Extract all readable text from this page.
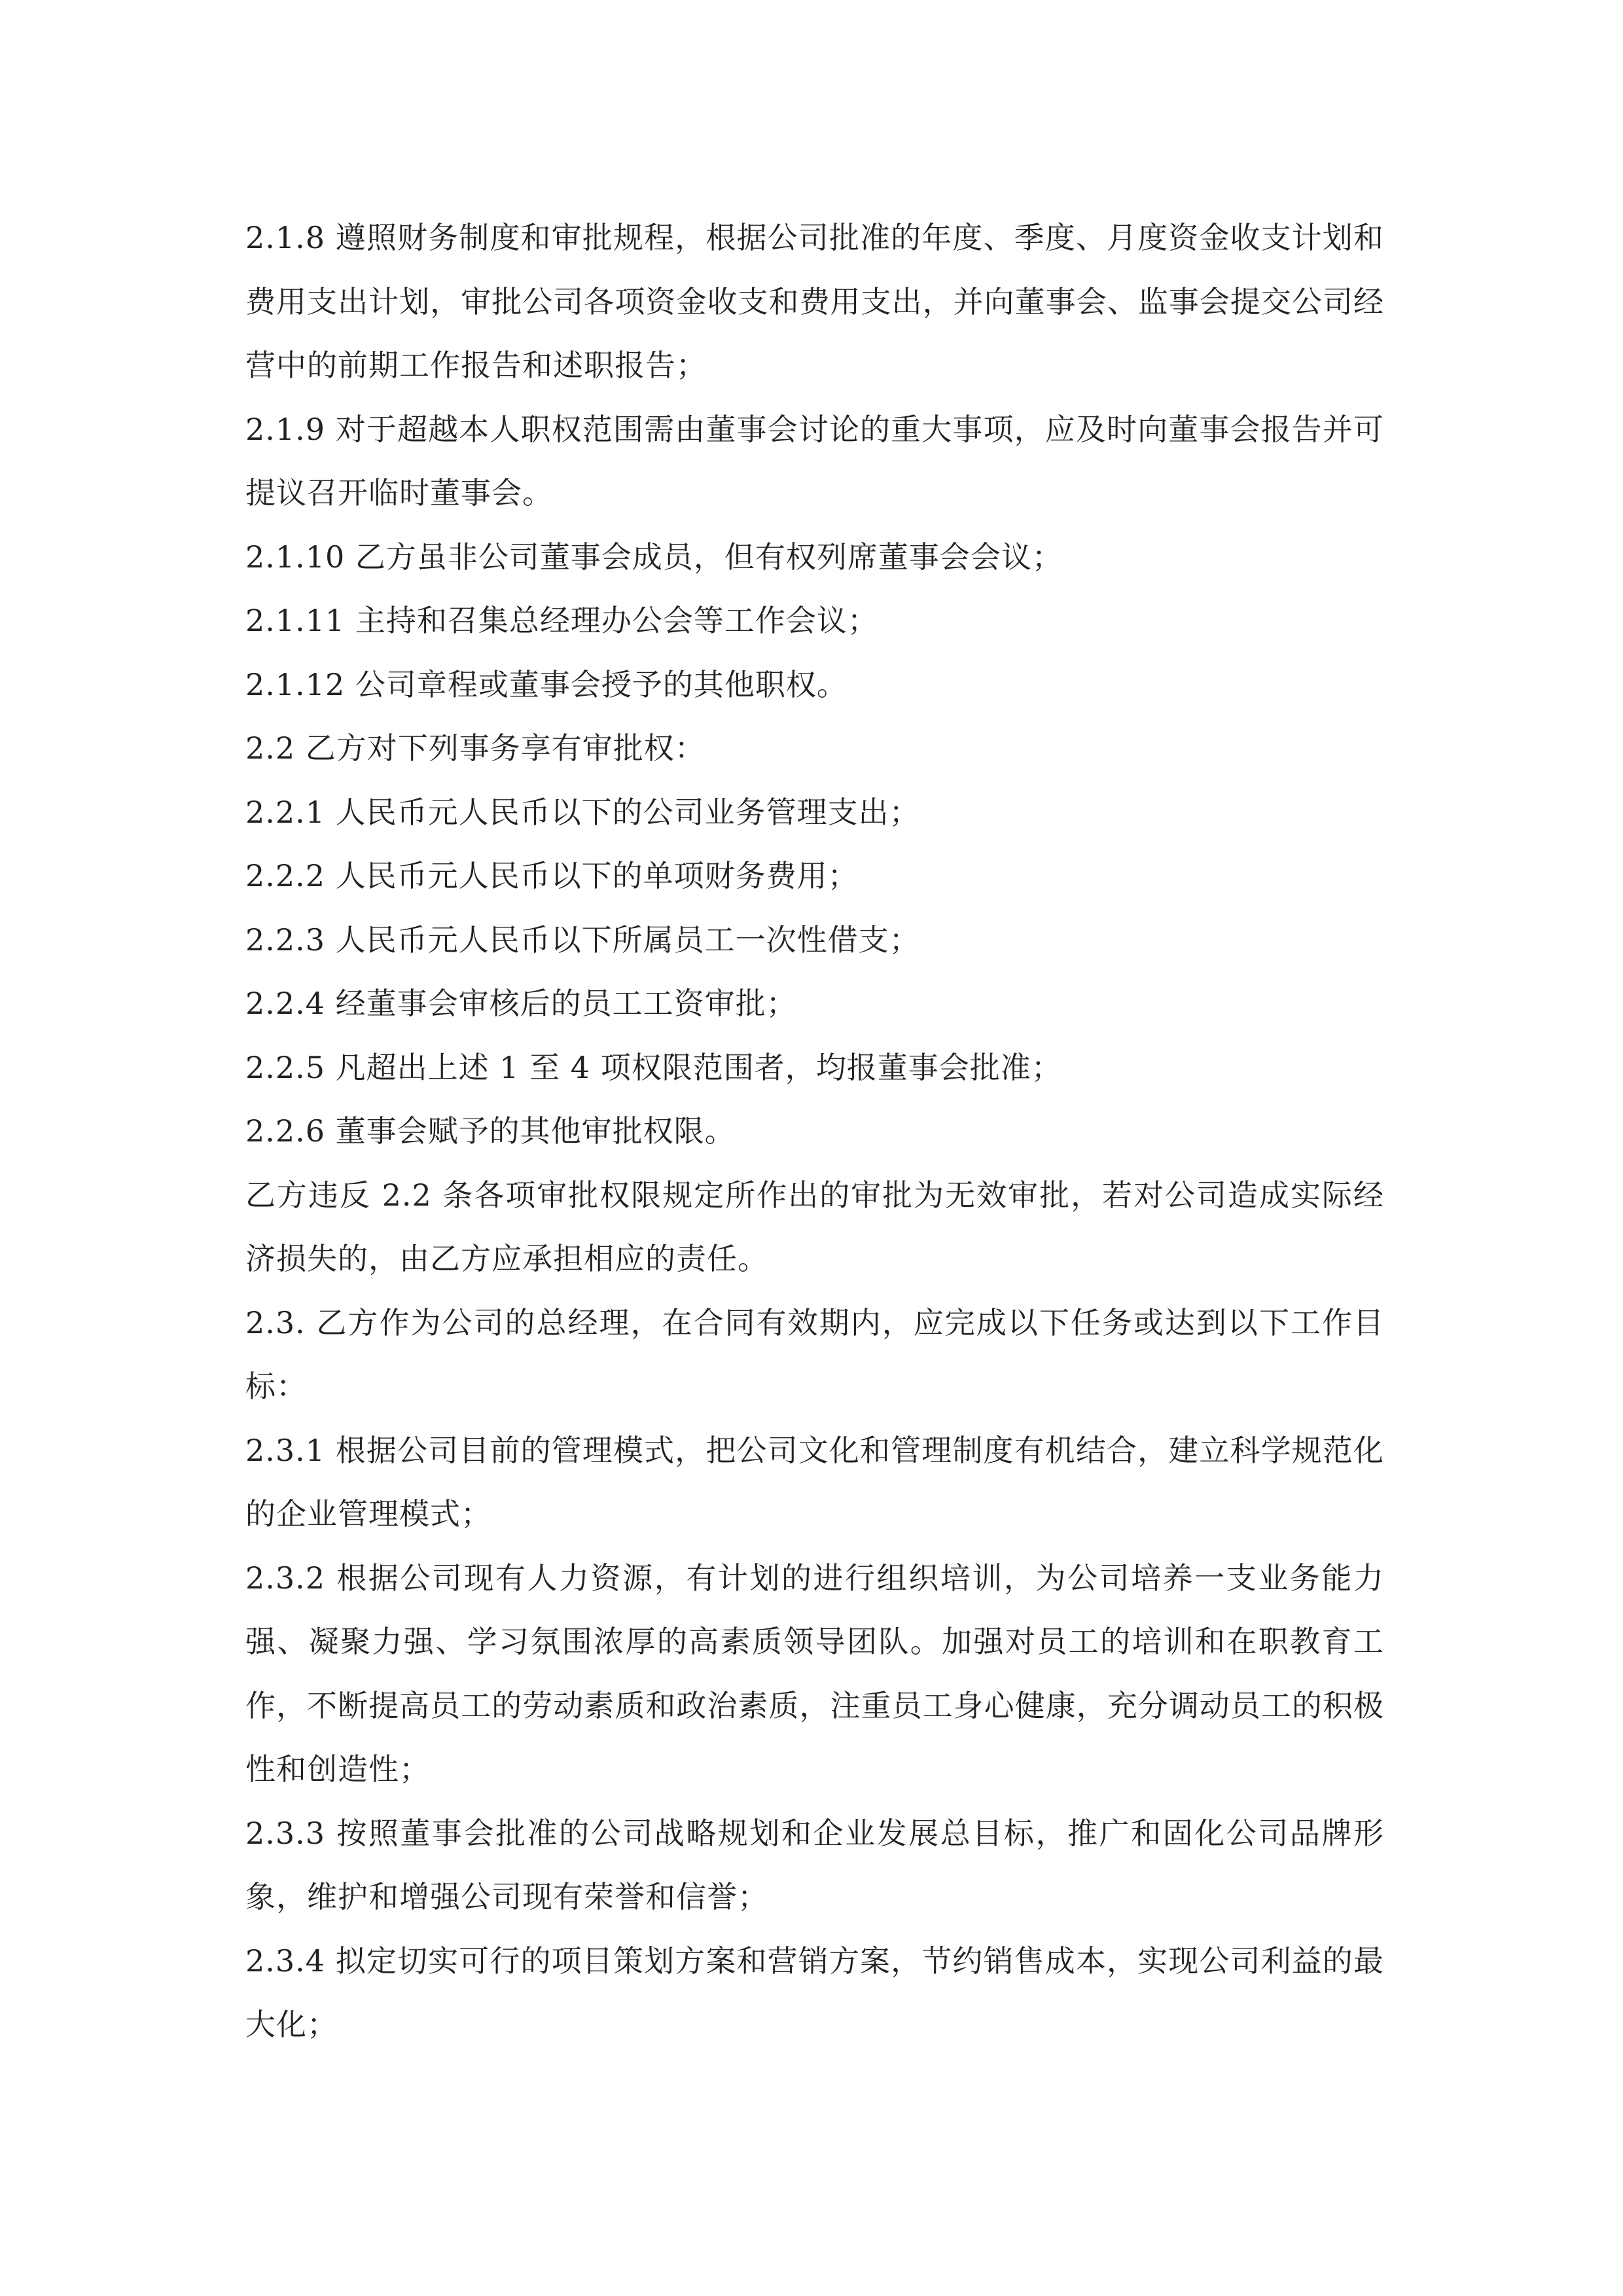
2.1.8 遵照财务制度和审批规程，根据公司批准的年度、季度、月度资金收支计划和费用支出计划，审批公司各项资金收支和费用支出，并向董事会、监事会提交公司经营中的前期工作报告和述职报告；

2.1.9 对于超越本人职权范围需由董事会讨论的重大事项，应及时向董事会报告并可提议召开临时董事会。

2.1.10 乙方虽非公司董事会成员，但有权列席董事会会议；

2.1.11 主持和召集总经理办公会等工作会议；

2.1.12 公司章程或董事会授予的其他职权。

2.2 乙方对下列事务享有审批权：

2.2.1 人民币元人民币以下的公司业务管理支出；

2.2.2 人民币元人民币以下的单项财务费用；

2.2.3 人民币元人民币以下所属员工一次性借支；

2.2.4 经董事会审核后的员工工资审批；

2.2.5 凡超出上述 1 至 4 项权限范围者，均报董事会批准；

2.2.6 董事会赋予的其他审批权限。

乙方违反 2.2 条各项审批权限规定所作出的审批为无效审批，若对公司造成实际经济损失的，由乙方应承担相应的责任。

2.3. 乙方作为公司的总经理，在合同有效期内，应完成以下任务或达到以下工作目标：

2.3.1 根据公司目前的管理模式，把公司文化和管理制度有机结合，建立科学规范化的企业管理模式；

2.3.2 根据公司现有人力资源，有计划的进行组织培训，为公司培养一支业务能力强、凝聚力强、学习氛围浓厚的高素质领导团队。加强对员工的培训和在职教育工作，不断提高员工的劳动素质和政治素质，注重员工身心健康，充分调动员工的积极性和创造性；

2.3.3 按照董事会批准的公司战略规划和企业发展总目标，推广和固化公司品牌形象，维护和增强公司现有荣誉和信誉；

2.3.4 拟定切实可行的项目策划方案和营销方案，节约销售成本，实现公司利益的最大化；
